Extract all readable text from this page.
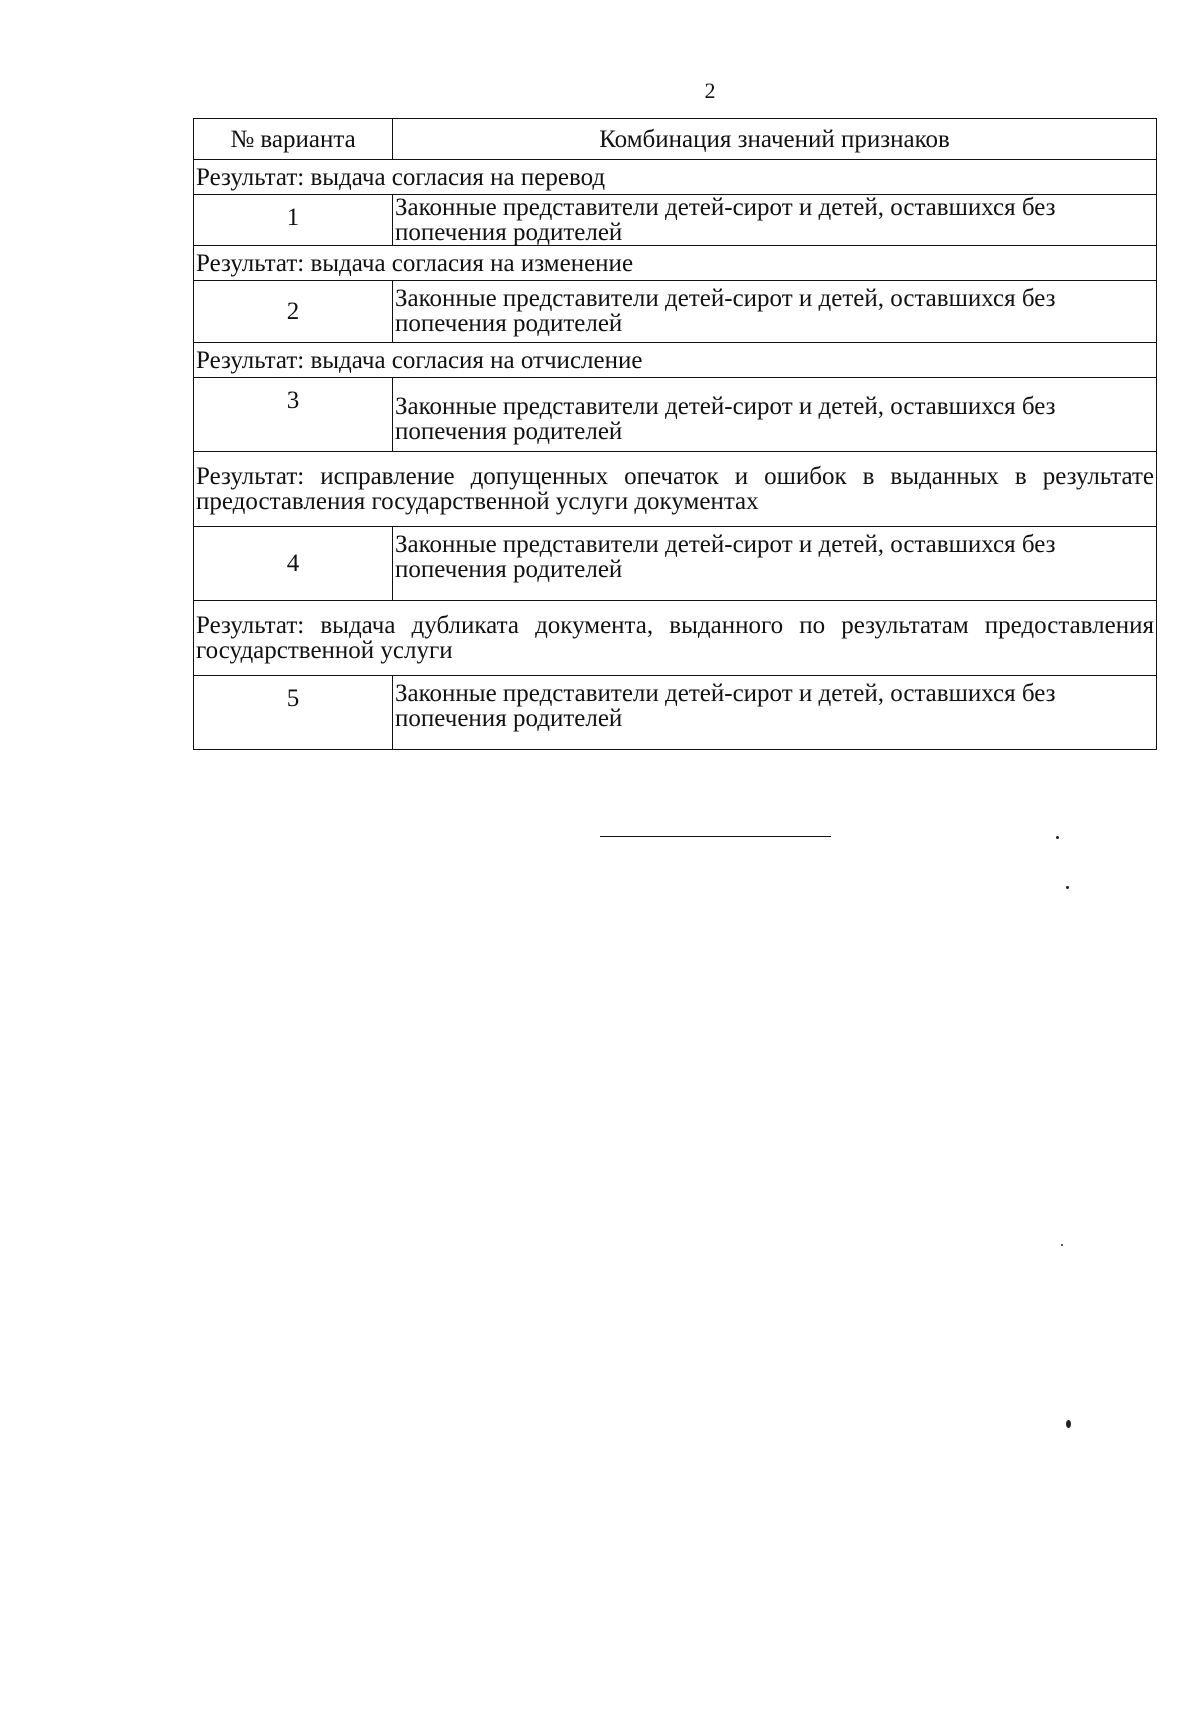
2
№ варианта	Комбинация значений признаков
Результат: выдача согласия на перевод	
1	Законные представители детей-сирот и детей, оставшихся без попечения родителей
Результат: выдача согласия на изменение	
2	Законные представители детей-сирот и детей, оставшихся без попечения родителей
Результат: выдача согласия на отчисление	
3	Законные представители детей-сирот и детей, оставшихся без попечения родителей
Результат: исправление допущенных опечаток и ошибок в выданных в результате предоставления государственной услуги документах	
4	Законные представители детей-сирот и детей, оставшихся без попечения родителей
Результат: выдача дубликата документа, выданного по результатам предоставления государственной услуги	
5	Законные представители детей-сирот и детей, оставшихся без попечения родителей
